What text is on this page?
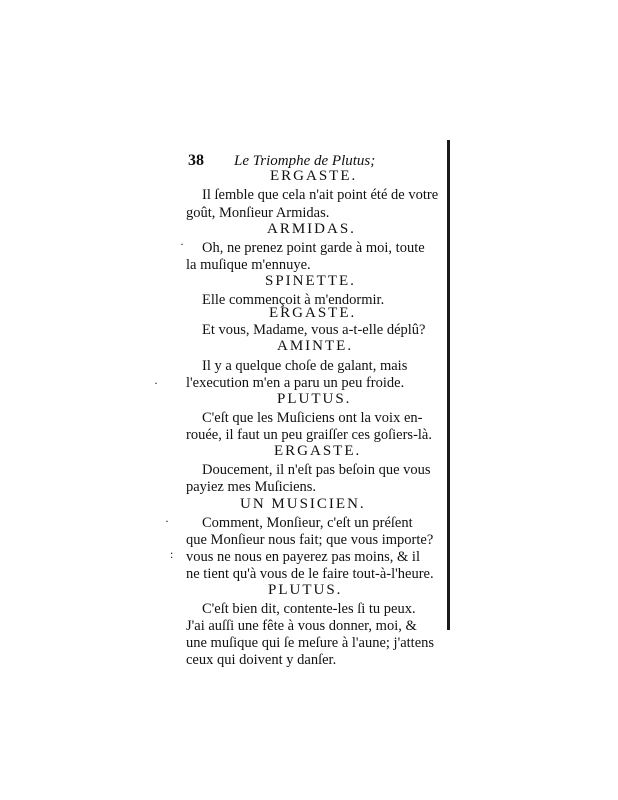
38 Le Triomphe de Plutus;
ERGASTE.
Il ſemble que cela n'ait point été de votre
goût, Monſieur Armidas.
ARMIDAS.
Oh, ne prenez point garde à moi, toute
la muſique m'ennuye.
SPINETTE.
Elle commençoit à m'endormir.
ERGASTE.
Et vous, Madame, vous a-t-elle déplû?
AMINTE.
Il y a quelque choſe de galant, mais
l'execution m'en a paru un peu froide.
PLUTUS.
C'eſt que les Muſiciens ont la voix en-
rouée, il faut un peu graiſſer ces goſiers-là.
ERGASTE.
Doucement, il n'eſt pas beſoin que vous
payiez mes Muſiciens.
UN MUSICIEN.
Comment, Monſieur, c'eſt un préſent
que Monſieur nous fait; que vous importe?
vous ne nous en payerez pas moins, & il
ne tient qu'à vous de le faire tout-à-l'heure.
PLUTUS.
C'eſt bien dit, contente-les ſi tu peux.
J'ai auſſi une fête à vous donner, moi, &
une muſique qui ſe meſure à l'aune; j'attens
ceux qui doivent y danſer.
·
·
·
:
